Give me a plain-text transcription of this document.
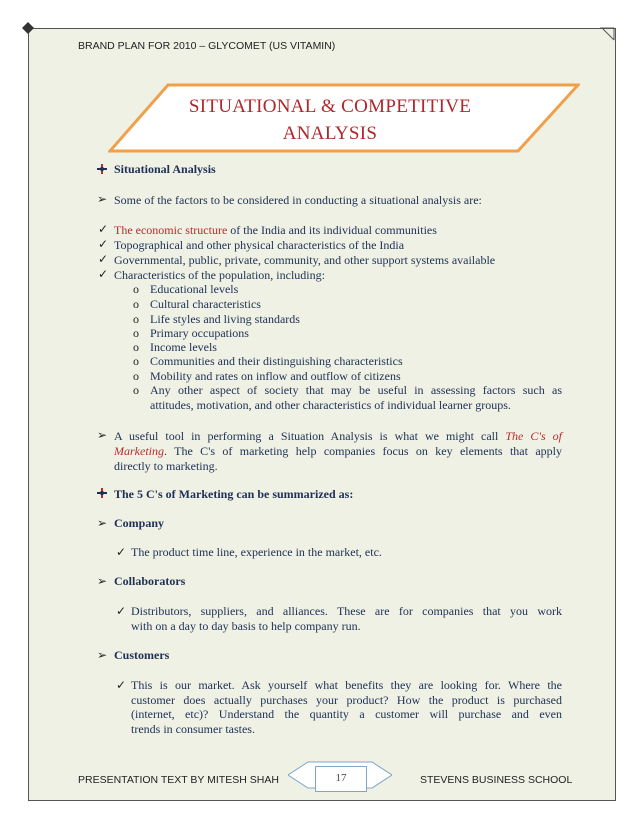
BRAND PLAN FOR 2010 – GLYCOMET (US VITAMIN)
SITUATIONAL & COMPETITIVE
ANALYSIS
Situational Analysis
➢ Some of the factors to be considered in conducting a situational analysis are:
✓ The economic structure of the India and its individual communities
✓ Topographical and other physical characteristics of the India
✓ Governmental, public, private, community, and other support systems available
✓ Characteristics of the population, including:
o Educational levels
o Cultural characteristics
o Life styles and living standards
o Primary occupations
o Income levels
o Communities and their distinguishing characteristics
o Mobility and rates on inflow and outflow of citizens
o Any other aspect of society that may be useful in assessing factors such as
attitudes, motivation, and other characteristics of individual learner groups.
➢ A useful tool in performing a Situation Analysis is what we might call The C's of
Marketing. The C's of marketing help companies focus on key elements that apply
directly to marketing.
The 5 C's of Marketing can be summarized as:
➢ Company
✓ The product time line, experience in the market, etc.
➢ Collaborators
✓ Distributors, suppliers, and alliances. These are for companies that you work
with on a day to day basis to help company run.
➢ Customers
✓ This is our market. Ask yourself what benefits they are looking for. Where the
customer does actually purchases your product? How the product is purchased
(internet, etc)? Understand the quantity a customer will purchase and even
trends in consumer tastes.
17
PRESENTATION TEXT BY MITESH SHAH	STEVENS BUSINESS SCHOOL
